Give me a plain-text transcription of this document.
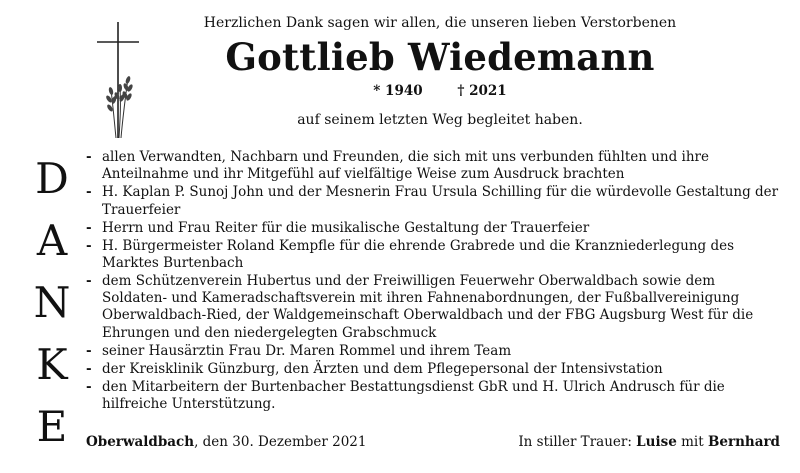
Herzlichen Dank sagen wir allen, die unseren lieben Verstorbenen
Gottlieb Wiedemann
* 1940	† 2021
auf seinem letzten Weg begleitet haben.
D
A
N
K
E
- allen Verwandten, Nachbarn und Freunden, die sich mit uns verbunden fühlten und ihre Anteilnahme und ihr Mitgefühl auf vielfältige Weise zum Ausdruck brachten
- H. Kaplan P. Sunoj John und der Mesnerin Frau Ursula Schilling für die würdevolle Gestaltung der Trauerfeier
- Herrn und Frau Reiter für die musikalische Gestaltung der Trauerfeier
- H. Bürgermeister Roland Kempfle für die ehrende Grabrede und die Kranzniederlegung des Marktes Burtenbach
- dem Schützenverein Hubertus und der Freiwilligen Feuerwehr Oberwaldbach sowie dem Soldaten- und Kameradschaftsverein mit ihren Fahnenabordnungen, der Fußballvereinigung Oberwaldbach-Ried, der Waldgemeinschaft Oberwaldbach und der FBG Augsburg West für die Ehrungen und den niedergelegten Grabschmuck
- seiner Hausärztin Frau Dr. Maren Rommel und ihrem Team
- der Kreisklinik Günzburg, den Ärzten und dem Pflegepersonal der Intensivstation
- den Mitarbeitern der Burtenbacher Bestattungsdienst GbR und H. Ulrich Andrusch für die hilfreiche Unterstützung.
Oberwaldbach, den 30. Dezember 2021	In stiller Trauer: Luise mit Bernhard
